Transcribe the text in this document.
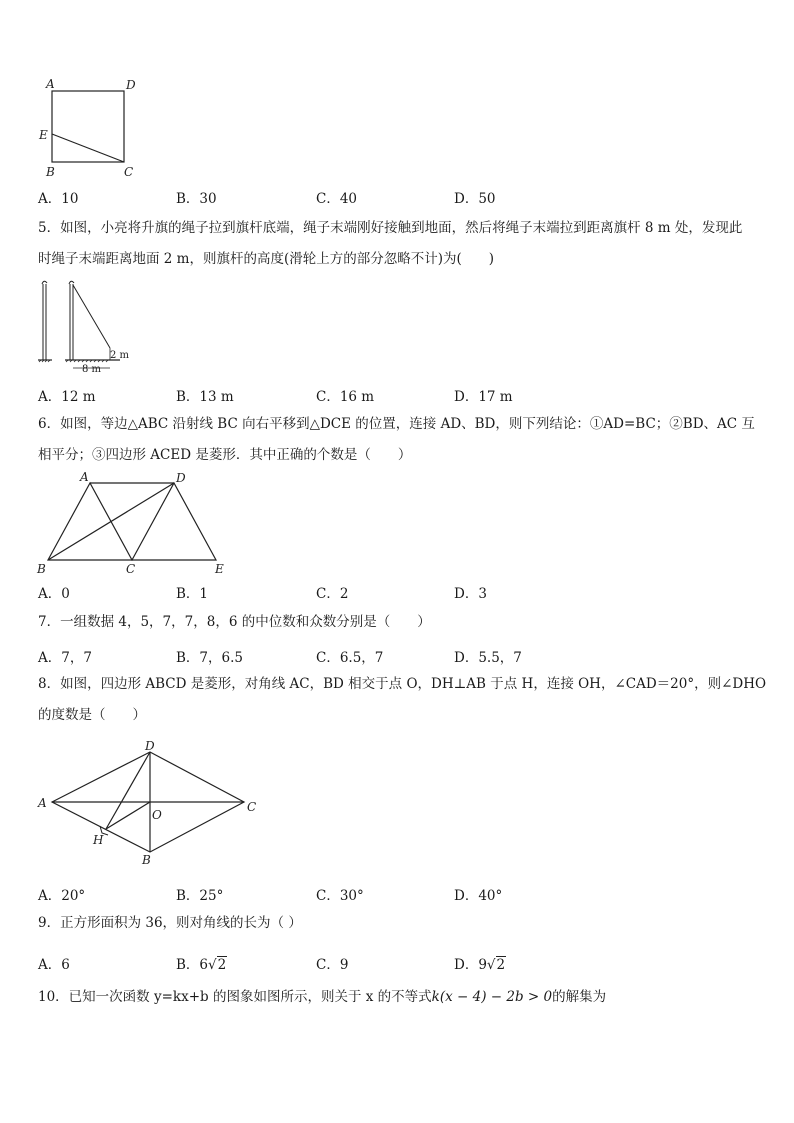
A	D
E
B	C
A．10	B．30	C．40	D．50
5．如图，小亮将升旗的绳子拉到旗杆底端，绳子末端刚好接触到地面，然后将绳子末端拉到距离旗杆 8 m 处，发现此
时绳子末端距离地面 2 m，则旗杆的高度(滑轮上方的部分忽略不计)为(　　)
2 m
8 m
A．12 m	B．13 m	C．16 m	D．17 m
6．如图，等边△ABC 沿射线 BC 向右平移到△DCE 的位置，连接 AD、BD，则下列结论：①AD=BC；②BD、AC 互
相平分；③四边形 ACED 是菱形．其中正确的个数是（　　）
A	D
B	C	E
A．0	B．1	C．2	D．3
7．一组数据 4，5，7，7，8，6 的中位数和众数分别是（　　）
A．7，7	B．7，6.5	C．6.5，7	D．5.5，7
8．如图，四边形 ABCD 是菱形，对角线 AC，BD 相交于点 O，DH⊥AB 于点 H，连接 OH，∠CAD＝20°，则∠DHO
的度数是（　　）
D
A	C
O
H
B
A．20°	B．25°	C．30°	D．40°
9．正方形面积为 36，则对角线的长为（ ）
A．6	B．6√2	C．9	D．9√2
10．已知一次函数 y=kx+b 的图象如图所示，则关于 x 的不等式k(x − 4) − 2b > 0的解集为
